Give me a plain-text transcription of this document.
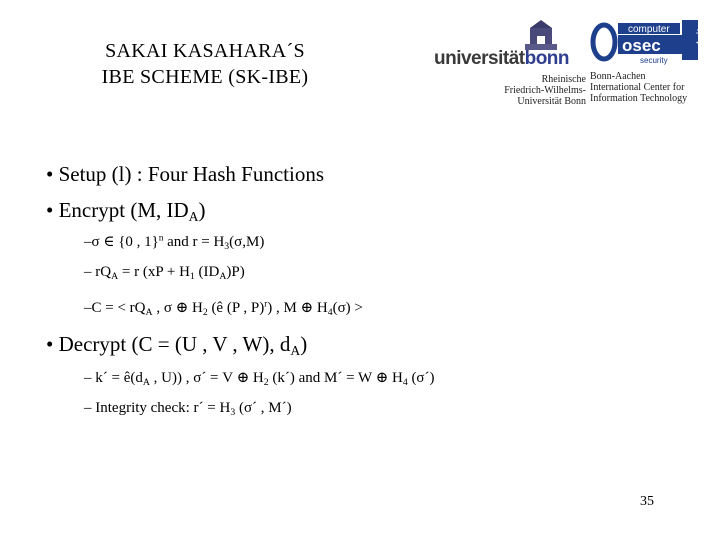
SAKAI KASAHARA´S
IBE SCHEME (SK-IBE)
universitätbonn
Rheinische
Friedrich-Wilhelms-
Universität Bonn
computer
osec
security
b-it
Bonn-Aachen
International Center for
Information Technology
• Setup (l) : Four Hash Functions
• Encrypt (M, $ID_A$)
–σ ∈ {0 , 1}$^n$ and $r = H_3(\sigma,M)$
– $rQ_A = r$ ($xP + H_1$ $(ID_A)P$)
–C = < $rQ_A$ , σ ⊕ $H_2$ (ê (P , P)$^r$) , M ⊕ $H_4(\sigma)$ >
• Decrypt (C = (U , V , W), $d_A$)
– k´ = $ê(d_A$ , U)) , σ´ = V ⊕ $H_2$ (k´) and M´ = W ⊕ $H_4$ (σ´)
– Integrity check: r´ = $H_3$ (σ´ , M´)
35
